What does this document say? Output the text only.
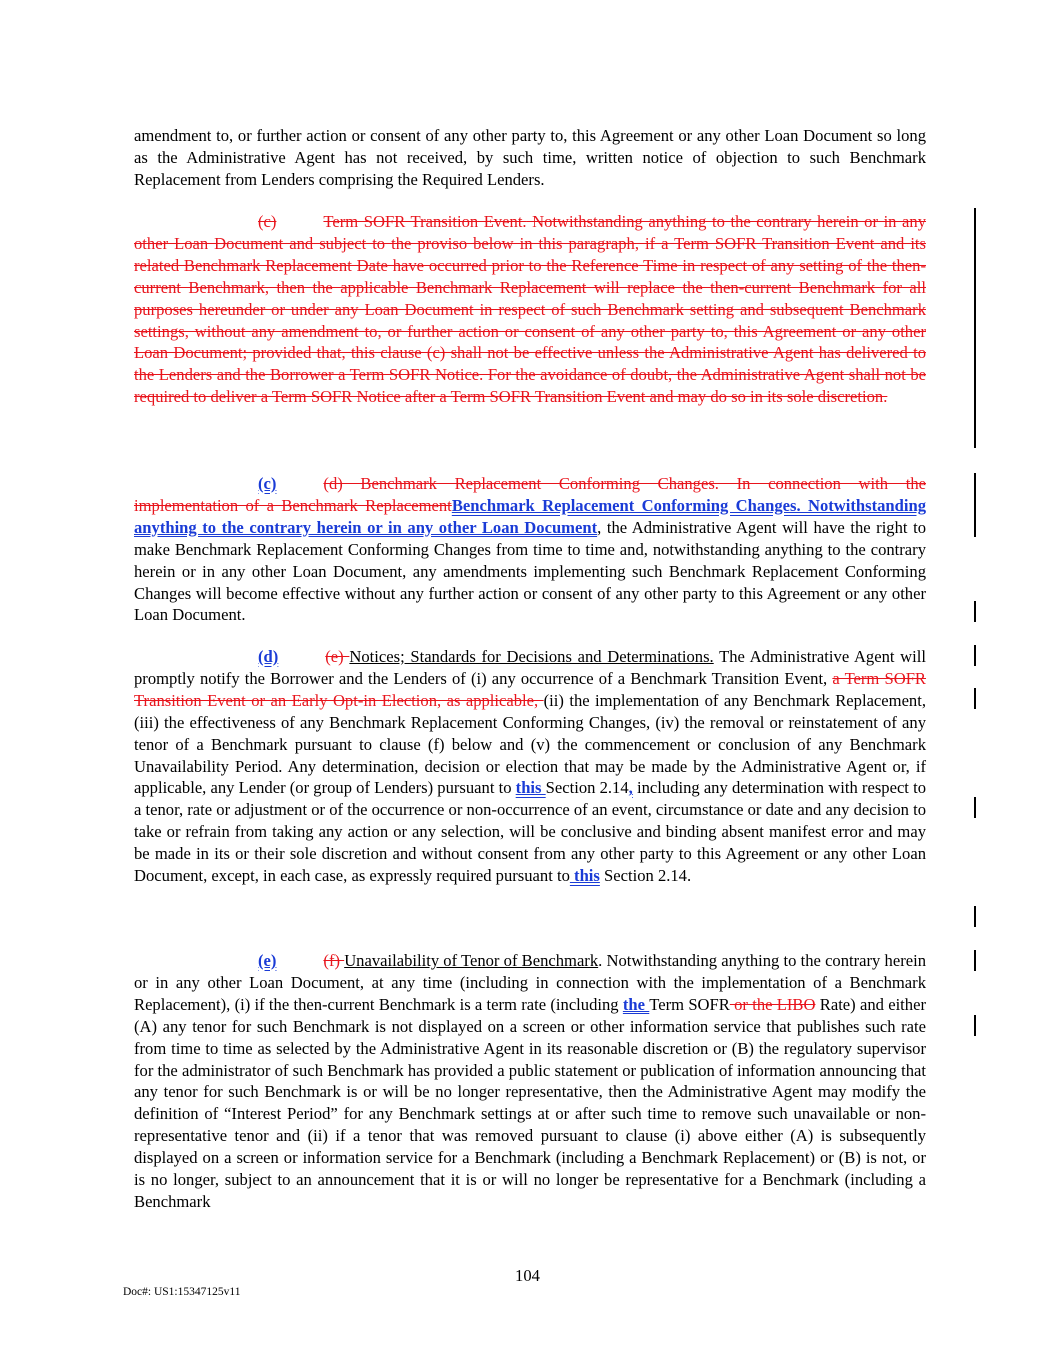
amendment to, or further action or consent of any other party to, this Agreement or any other Loan Document so long as the Administrative Agent has not received, by such time, written notice of objection to such Benchmark Replacement from Lenders comprising the Required Lenders.
(c)	Term SOFR Transition Event. Notwithstanding anything to the contrary herein or in any other Loan Document and subject to the proviso below in this paragraph, if a Term SOFR Transition Event and its related Benchmark Replacement Date have occurred prior to the Reference Time in respect of any setting of the then-current Benchmark, then the applicable Benchmark Replacement will replace the then-current Benchmark for all purposes hereunder or under any Loan Document in respect of such Benchmark setting and subsequent Benchmark settings, without any amendment to, or further action or consent of any other party to, this Agreement or any other Loan Document; provided that, this clause (c) shall not be effective unless the Administrative Agent has delivered to the Lenders and the Borrower a Term SOFR Notice. For the avoidance of doubt, the Administrative Agent shall not be required to deliver a Term SOFR Notice after a Term SOFR Transition Event and may do so in its sole discretion.
(c)	(d) Benchmark Replacement Conforming Changes. In connection with the implementation of a Benchmark ReplacementBenchmark Replacement Conforming Changes. Notwithstanding anything to the contrary herein or in any other Loan Document, the Administrative Agent will have the right to make Benchmark Replacement Conforming Changes from time to time and, notwithstanding anything to the contrary herein or in any other Loan Document, any amendments implementing such Benchmark Replacement Conforming Changes will become effective without any further action or consent of any other party to this Agreement or any other Loan Document.
(d)	(e) Notices; Standards for Decisions and Determinations. The Administrative Agent will promptly notify the Borrower and the Lenders of (i) any occurrence of a Benchmark Transition Event, a Term SOFR Transition Event or an Early Opt-in Election, as applicable, (ii) the implementation of any Benchmark Replacement, (iii) the effectiveness of any Benchmark Replacement Conforming Changes, (iv) the removal or reinstatement of any tenor of a Benchmark pursuant to clause (f) below and (v) the commencement or conclusion of any Benchmark Unavailability Period. Any determination, decision or election that may be made by the Administrative Agent or, if applicable, any Lender (or group of Lenders) pursuant to this Section 2.14, including any determination with respect to a tenor, rate or adjustment or of the occurrence or non-occurrence of an event, circumstance or date and any decision to take or refrain from taking any action or any selection, will be conclusive and binding absent manifest error and may be made in its or their sole discretion and without consent from any other party to this Agreement or any other Loan Document, except, in each case, as expressly required pursuant to this Section 2.14.
(e)	(f) Unavailability of Tenor of Benchmark. Notwithstanding anything to the contrary herein or in any other Loan Document, at any time (including in connection with the implementation of a Benchmark Replacement), (i) if the then-current Benchmark is a term rate (including the Term SOFR or the LIBO Rate) and either (A) any tenor for such Benchmark is not displayed on a screen or other information service that publishes such rate from time to time as selected by the Administrative Agent in its reasonable discretion or (B) the regulatory supervisor for the administrator of such Benchmark has provided a public statement or publication of information announcing that any tenor for such Benchmark is or will be no longer representative, then the Administrative Agent may modify the definition of “Interest Period” for any Benchmark settings at or after such time to remove such unavailable or non-representative tenor and (ii) if a tenor that was removed pursuant to clause (i) above either (A) is subsequently displayed on a screen or information service for a Benchmark (including a Benchmark Replacement) or (B) is not, or is no longer, subject to an announcement that it is or will no longer be representative for a Benchmark (including a Benchmark
104
Doc#: US1:15347125v11
